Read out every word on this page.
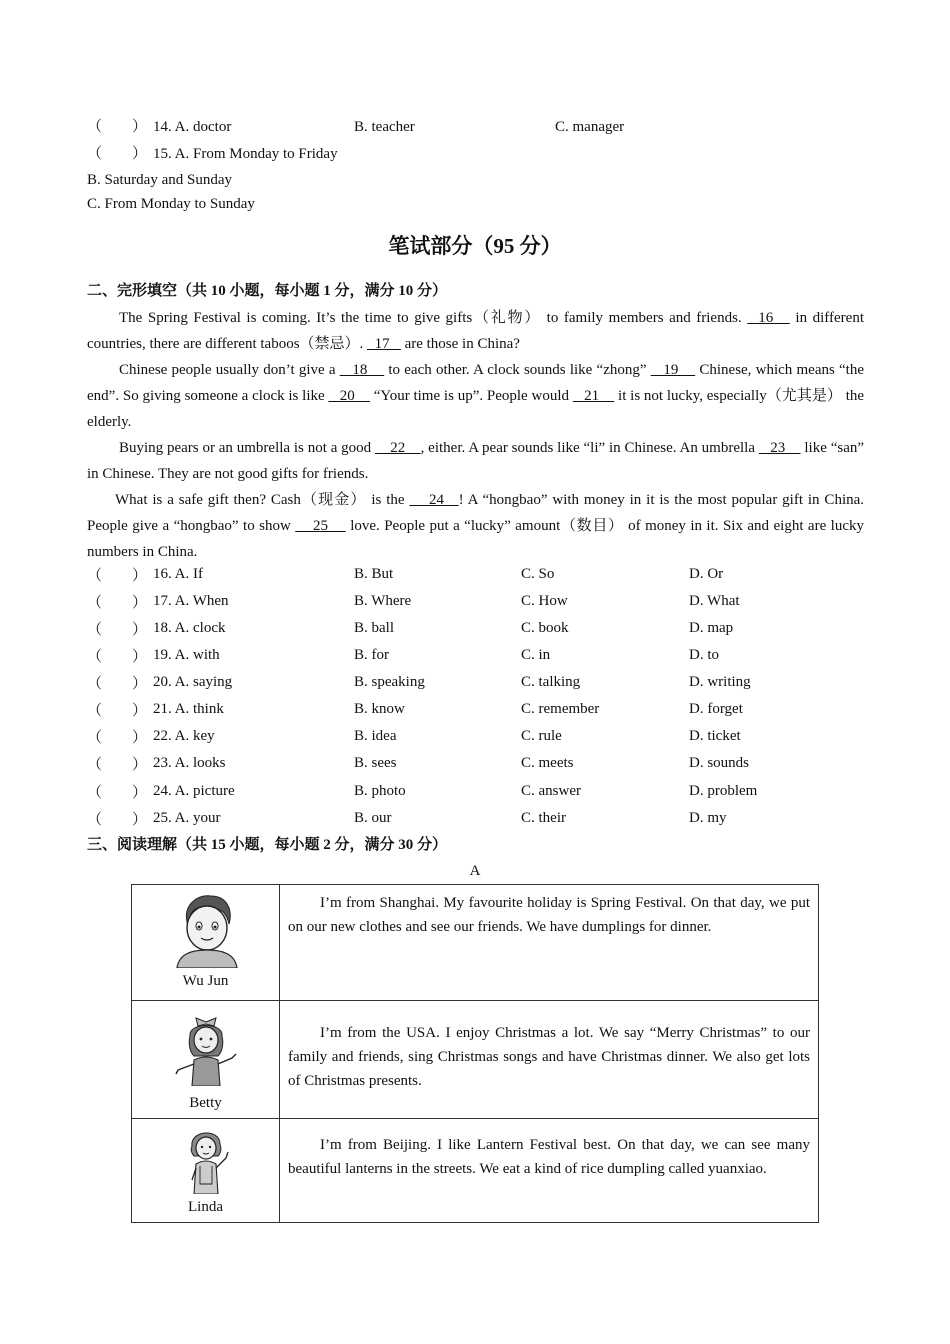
（　　） 14. A. doctor	B. teacher	C. manager
（　　） 15. A. From Monday to Friday
B. Saturday and Sunday
C. From Monday to Sunday
笔试部分（95 分）
二、完形填空（共 10 小题，每小题 1 分，满分 10 分）

The Spring Festival is coming. It’s the time to give gifts（礼物） to family members and friends.   16    in different countries, there are different taboos（禁忌）.   17    are those in China?

Chinese people usually don’t give a    18     to each other. A clock sounds like “zhong”    19     Chinese, which means “the end”. So giving someone a clock is like    20     “Your time is up”. People would    21     it is not lucky, especially（尤其是） the elderly.

Buying pears or an umbrella is not a good     22    , either. A pear sounds like “li” in Chinese. An umbrella    23     like “san” in Chinese. They are not good gifts for friends.

What is a safe gift then? Cash（现金） is the     24   ! A “hongbao” with money in it is the most popular gift in China. People give a “hongbao” to show     25     love. People put a “lucky” amount（数目） of money in it. Six and eight are lucky numbers in China.

（　　） 16. A. If	B. But	C. So	D. Or
（　　） 17. A. When	B. Where	C. How	D. What
（　　） 18. A. clock	B. ball	C. book	D. map
（　　） 19. A. with	B. for	C. in	D. to
（　　） 20. A. saying	B. speaking	C. talking	D. writing
（　　） 21. A. think	B. know	C. remember	D. forget
（　　） 22. A. key	B. idea	C. rule	D. ticket
（　　） 23. A. looks	B. sees	C. meets	D. sounds
（　　） 24. A. picture	B. photo	C. answer	D. problem
（　　） 25. A. your	B. our	C. their	D. my
三、阅读理解（共 15 小题，每小题 2 分，满分 30 分）
A
Wu Jun	I’m from Shanghai. My favourite holiday is Spring Festival. On that day, we put on our new clothes and see our friends. We have dumplings for dinner.

Betty	I’m from the USA. I enjoy Christmas a lot. We say “Merry Christmas” to our family and friends, sing Christmas songs and have Christmas dinner. We also get lots of Christmas presents.

Linda	I’m from Beijing. I like Lantern Festival best. On that day, we can see many beautiful lanterns in the streets. We eat a kind of rice dumpling called yuanxiao.
